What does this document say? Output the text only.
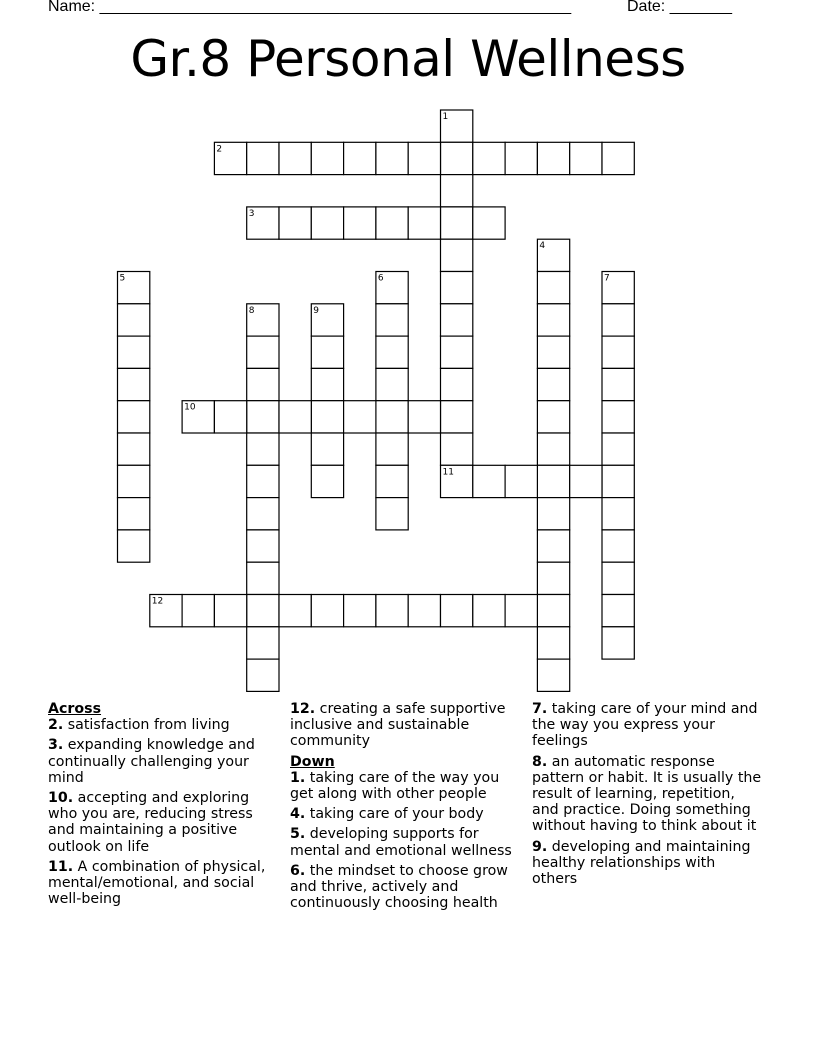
Name: _____________________________________________________	Date: _______
Gr.8 Personal Wellness
1
2
3
4
5	6	7
8	9
10
11
12
Across
2. satisfaction from living
3. expanding knowledge and continually challenging your mind
10. accepting and exploring who you are, reducing stress and maintaining a positive outlook on life
11. A combination of physical, mental/emotional, and social well-being
12. creating a safe supportive inclusive and sustainable community
Down
1. taking care of the way you get along with other people
4. taking care of your body
5. developing supports for mental and emotional wellness
6. the mindset to choose grow and thrive, actively and continuously choosing health
7. taking care of your mind and the way you express your feelings
8. an automatic response pattern or habit. It is usually the result of learning, repetition, and practice. Doing something without having to think about it
9. developing and maintaining healthy relationships with others
